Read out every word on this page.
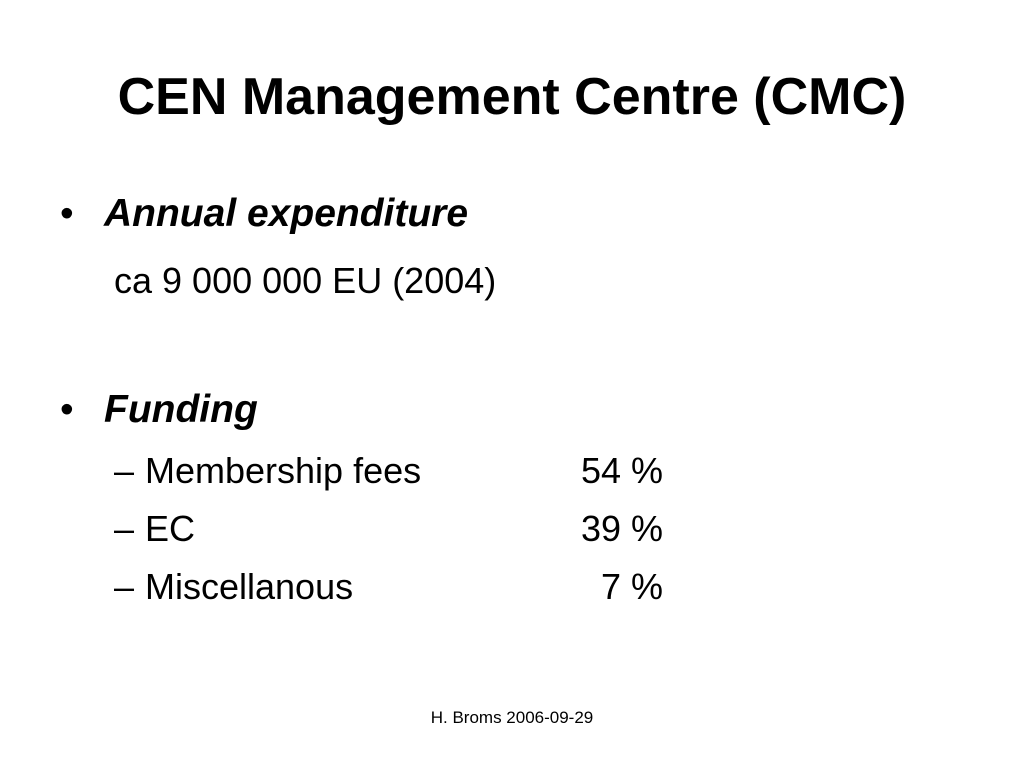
CEN Management Centre (CMC)
• Annual expenditure
ca 9 000 000 EU (2004)
• Funding
– Membership fees	54 %
– EC	39 %
– Miscellanous	7 %
H. Broms 2006-09-29
